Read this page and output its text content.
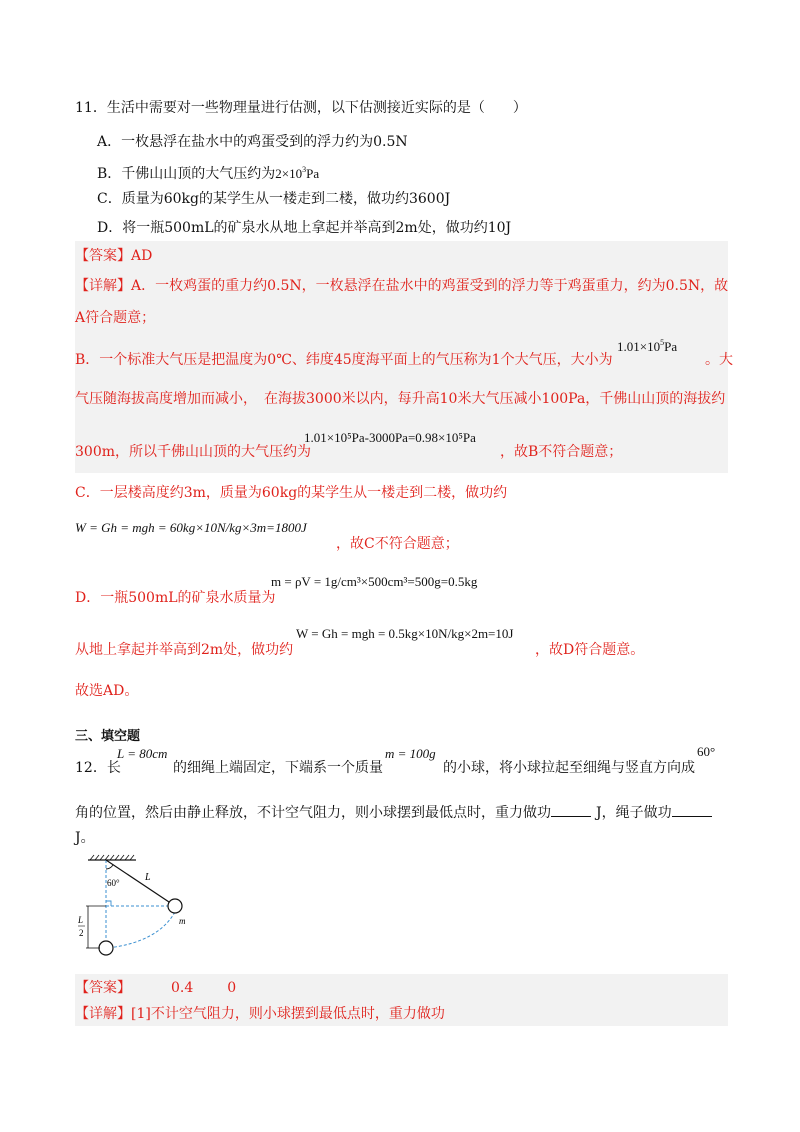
11．生活中需要对一些物理量进行估测，以下估测接近实际的是（　　）
A．一枚悬浮在盐水中的鸡蛋受到的浮力约为0.5N
B．千佛山山顶的大气压约为$2\times 10^3Pa$
C．质量为60kg的某学生从一楼走到二楼，做功约3600J
D．将一瓶500mL的矿泉水从地上拿起并举高到2m处，做功约10J
【答案】AD
【详解】A．一枚鸡蛋的重力约0.5N，一枚悬浮在盐水中的鸡蛋受到的浮力等于鸡蛋重力，约为0.5N，故
A符合题意；
B．一个标准大气压是把温度为0℃、纬度45度海平面上的气压称为1个大气压，大小为
$1.01\times 10^5Pa$
。大
气压随海拔高度增加而减小，　在海拔3000米以内，每升高10米大气压减小100Pa，千佛山山顶的海拔约
300m，所以千佛山山顶的大气压约为
1.01×10⁵Pa-3000Pa=0.98×10⁵Pa
，故B不符合题意；
C．一层楼高度约3m，质量为60kg的某学生从一楼走到二楼，做功约
W = Gh = mgh = 60kg×10N/kg×3m=1800J
，故C不符合题意；
D．一瓶500mL的矿泉水质量为
m = ρV = 1g/cm³×500cm³=500g=0.5kg
从地上拿起并举高到2m处，做功约
W = Gh = mgh = 0.5kg×10N/kg×2m=10J
，故D符合题意。
故选AD。
三、填空题
12．长
L = 80cm
的细绳上端固定，下端系一个质量
m = 100g
的小球，将小球拉起至细绳与竖直方向成
60°
角的位置，然后由静止释放，不计空气阻力，则小球摆到最低点时，重力做功	J，绳子做功
J。
60°	L
m
L
2
【答案】	0.4 0
【详解】[1]不计空气阻力，则小球摆到最低点时，重力做功
